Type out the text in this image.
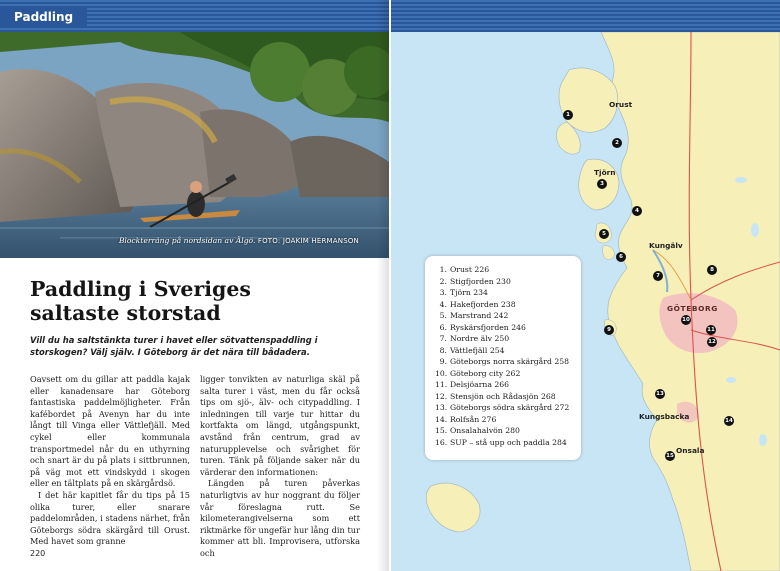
Paddling
Blockterräng på nordsidan av Älgö. FOTO: JOAKIM HERMANSON
Paddling i Sveriges
saltaste storstad
Vill du ha saltstänkta turer i havet eller sötvattenspaddling i storskogen? Välj själv. I Göteborg är det nära till bådadera.

Oavsett om du gillar att paddla kajak eller kanadensare har Göteborg fantastiska paddelmöjligheter. Från kafébordet på Avenyn har du inte långt till Vinga eller Vättlefjäll. Med cykel eller kommunala transportmedel når du en uthyrning och snart är du på plats i sittbrunnen, på väg mot ett vindskydd i skogen eller en tältplats på en skärgårdsö.

I det här kapitlet får du tips på 15 olika turer, eller snarare paddelområden, i stadens närhet, från Göteborgs södra skärgård till Orust. Med havet som granne

ligger tonvikten av naturliga skäl på salta turer i väst, men du får också tips om sjö-, älv- och citypaddling. I inledningen till varje tur hittar du kortfakta om längd, utgångspunkt, avstånd från centrum, grad av naturupplevelse och svårighet för turen. Tänk på följande saker när du värderar den informationen:

Längden på turen påverkas naturligtvis av hur noggrant du följer vår föreslagna rutt. Se kilometerangivelserna som ett riktmärke för ungefär hur lång din tur kommer att bli. Improvisera, utforska och

220
Orust
Tjörn
Kungälv
GÖTEBORG
Kungsbacka
Onsala
1
2
3
4
5
6
7
8
9
10
11
12
13
14
15
1. Orust 226
2. Stigfjorden 230
3. Tjörn 234
4. Hakefjorden 238
5. Marstrand 242
6. Ryskärsfjorden 246
7. Nordre älv 250
8. Vättlefjäll 254
9. Göteborgs norra skärgård 258
10. Göteborg city 262
11. Delsjöarna 266
12. Stensjön och Rådasjön 268
13. Göteborgs södra skärgård 272
14. Rolfsån 276
15. Onsalahalvön 280
16. SUP – stå upp och paddla 284
